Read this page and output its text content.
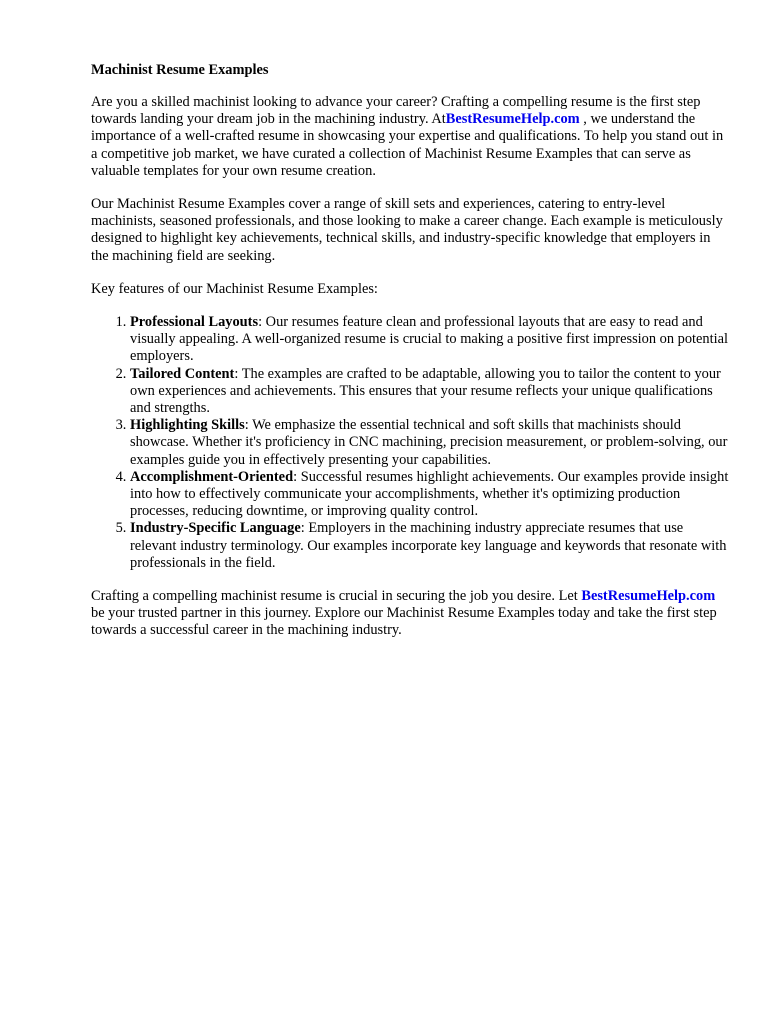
Machinist Resume Examples

Are you a skilled machinist looking to advance your career? Crafting a compelling resume is the first step towards landing your dream job in the machining industry. AtBestResumeHelp.com , we understand the importance of a well-crafted resume in showcasing your expertise and qualifications. To help you stand out in a competitive job market, we have curated a collection of Machinist Resume Examples that can serve as valuable templates for your own resume creation.

Our Machinist Resume Examples cover a range of skill sets and experiences, catering to entry-level machinists, seasoned professionals, and those looking to make a career change. Each example is meticulously designed to highlight key achievements, technical skills, and industry-specific knowledge that employers in the machining field are seeking.

Key features of our Machinist Resume Examples:

1. Professional Layouts: Our resumes feature clean and professional layouts that are easy to read and visually appealing. A well-organized resume is crucial to making a positive first impression on potential employers.
2. Tailored Content: The examples are crafted to be adaptable, allowing you to tailor the content to your own experiences and achievements. This ensures that your resume reflects your unique qualifications and strengths.
3. Highlighting Skills: We emphasize the essential technical and soft skills that machinists should showcase. Whether it's proficiency in CNC machining, precision measurement, or problem-solving, our examples guide you in effectively presenting your capabilities.
4. Accomplishment-Oriented: Successful resumes highlight achievements. Our examples provide insight into how to effectively communicate your accomplishments, whether it's optimizing production processes, reducing downtime, or improving quality control.
5. Industry-Specific Language: Employers in the machining industry appreciate resumes that use relevant industry terminology. Our examples incorporate key language and keywords that resonate with professionals in the field.

Crafting a compelling machinist resume is crucial in securing the job you desire. Let BestResumeHelp.com be your trusted partner in this journey. Explore our Machinist Resume Examples today and take the first step towards a successful career in the machining industry.
